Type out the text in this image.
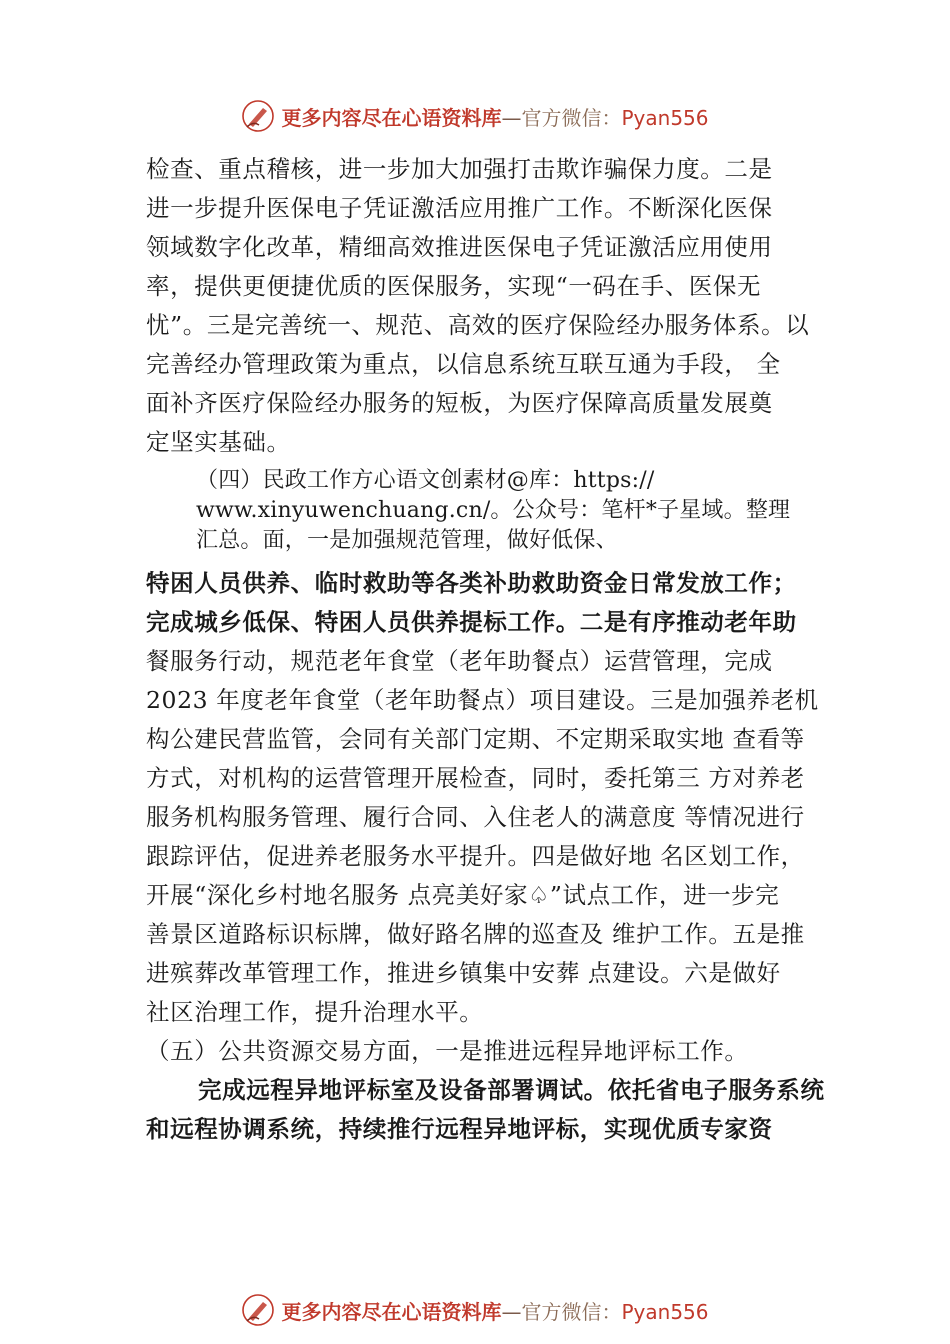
更多内容尽在心语资料库—官方微信：Pyan556
检查、重点稽核，进一步加大加强打击欺诈骗保力度。二是
进一步提升医保电子凭证激活应用推广工作。不断深化医保
领域数字化改革，精细高效推进医保电子凭证激活应用使用
率，提供更便捷优质的医保服务，实现“一码在手、医保无
忧”。三是完善统一、规范、高效的医疗保险经办服务体系。以
完善经办管理政策为重点，以信息系统互联互通为手段， 全
面补齐医疗保险经办服务的短板，为医疗保障高质量发展奠
定坚实基础。
（四）民政工作方心语文创素材@库：https://
www.xinyuwenchuang.cn/。公众号：笔杆*子星域。整理
汇总。面，一是加强规范管理，做好低保、
特困人员供养、临时救助等各类补助救助资金日常发放工作；
完成城乡低保、特困人员供养提标工作。二是有序推动老年助
餐服务行动，规范老年食堂（老年助餐点）运营管理，完成
2023 年度老年食堂（老年助餐点）项目建设。三是加强养老机
构公建民营监管，会同有关部门定期、不定期采取实地 查看等
方式，对机构的运营管理开展检查，同时，委托第三 方对养老
服务机构服务管理、履行合同、入住老人的满意度 等情况进行
跟踪评估，促进养老服务水平提升。四是做好地 名区划工作，
开展“深化乡村地名服务 点亮美好家♤”试点工作，进一步完
善景区道路标识标牌，做好路名牌的巡查及 维护工作。五是推
进殡葬改革管理工作，推进乡镇集中安葬 点建设。六是做好
社区治理工作，提升治理水平。
（五）公共资源交易方面，一是推进远程异地评标工作。
完成远程异地评标室及设备部署调试。依托省电子服务系统
和远程协调系统，持续推行远程异地评标，实现优质专家资
更多内容尽在心语资料库—官方微信：Pyan556
